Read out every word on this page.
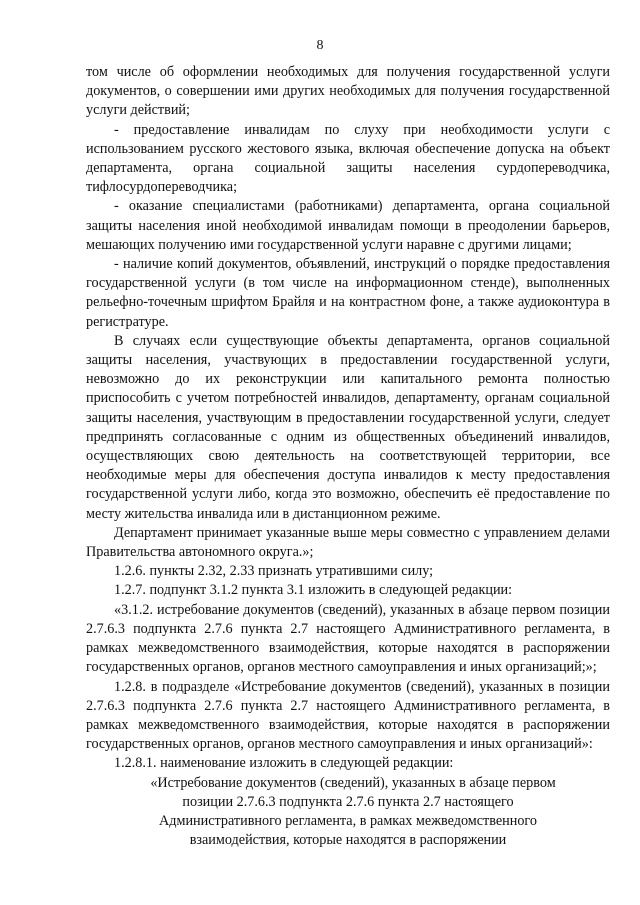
8

том числе об оформлении необходимых для получения государственной услуги документов, о совершении ими других необходимых для получения государственной услуги действий;

- предоставление инвалидам по слуху при необходимости услуги с использованием русского жестового языка, включая обеспечение допуска на объект департамента, органа социальной защиты населения сурдопереводчика, тифлосурдопереводчика;

- оказание специалистами (работниками) департамента, органа социальной защиты населения иной необходимой инвалидам помощи в преодолении барьеров, мешающих получению ими государственной услуги наравне с другими лицами;

- наличие копий документов, объявлений, инструкций о порядке предоставления государственной услуги (в том числе на информационном стенде), выполненных рельефно-точечным шрифтом Брайля и на контрастном фоне, а также аудиоконтура в регистратуре.

В случаях если существующие объекты департамента, органов социальной защиты населения, участвующих в предоставлении государственной услуги, невозможно до их реконструкции или капитального ремонта полностью приспособить с учетом потребностей инвалидов, департаменту, органам социальной защиты населения, участвующим в предоставлении государственной услуги, следует предпринять согласованные с одним из общественных объединений инвалидов, осуществляющих свою деятельность на соответствующей территории, все необходимые меры для обеспечения доступа инвалидов к месту предоставления государственной услуги либо, когда это возможно, обеспечить её предоставление по месту жительства инвалида или в дистанционном режиме.

Департамент принимает указанные выше меры совместно с управлением делами Правительства автономного округа.»;

1.2.6. пункты 2.32, 2.33 признать утратившими силу;

1.2.7. подпункт 3.1.2 пункта 3.1 изложить в следующей редакции:

«3.1.2. истребование документов (сведений), указанных в абзаце первом позиции 2.7.6.3 подпункта 2.7.6 пункта 2.7 настоящего Административного регламента, в рамках межведомственного взаимодействия, которые находятся в распоряжении государственных органов, органов местного самоуправления и иных организаций;»;

1.2.8. в подразделе «Истребование документов (сведений), указанных в позиции 2.7.6.3 подпункта 2.7.6 пункта 2.7 настоящего Административного регламента, в рамках межведомственного взаимодействия, которые находятся в распоряжении государственных органов, органов местного самоуправления и иных организаций»:

1.2.8.1. наименование изложить в следующей редакции:

«Истребование документов (сведений), указанных в абзаце первом

позиции 2.7.6.3 подпункта 2.7.6 пункта 2.7 настоящего

Административного регламента, в рамках межведомственного

взаимодействия, которые находятся в распоряжении
